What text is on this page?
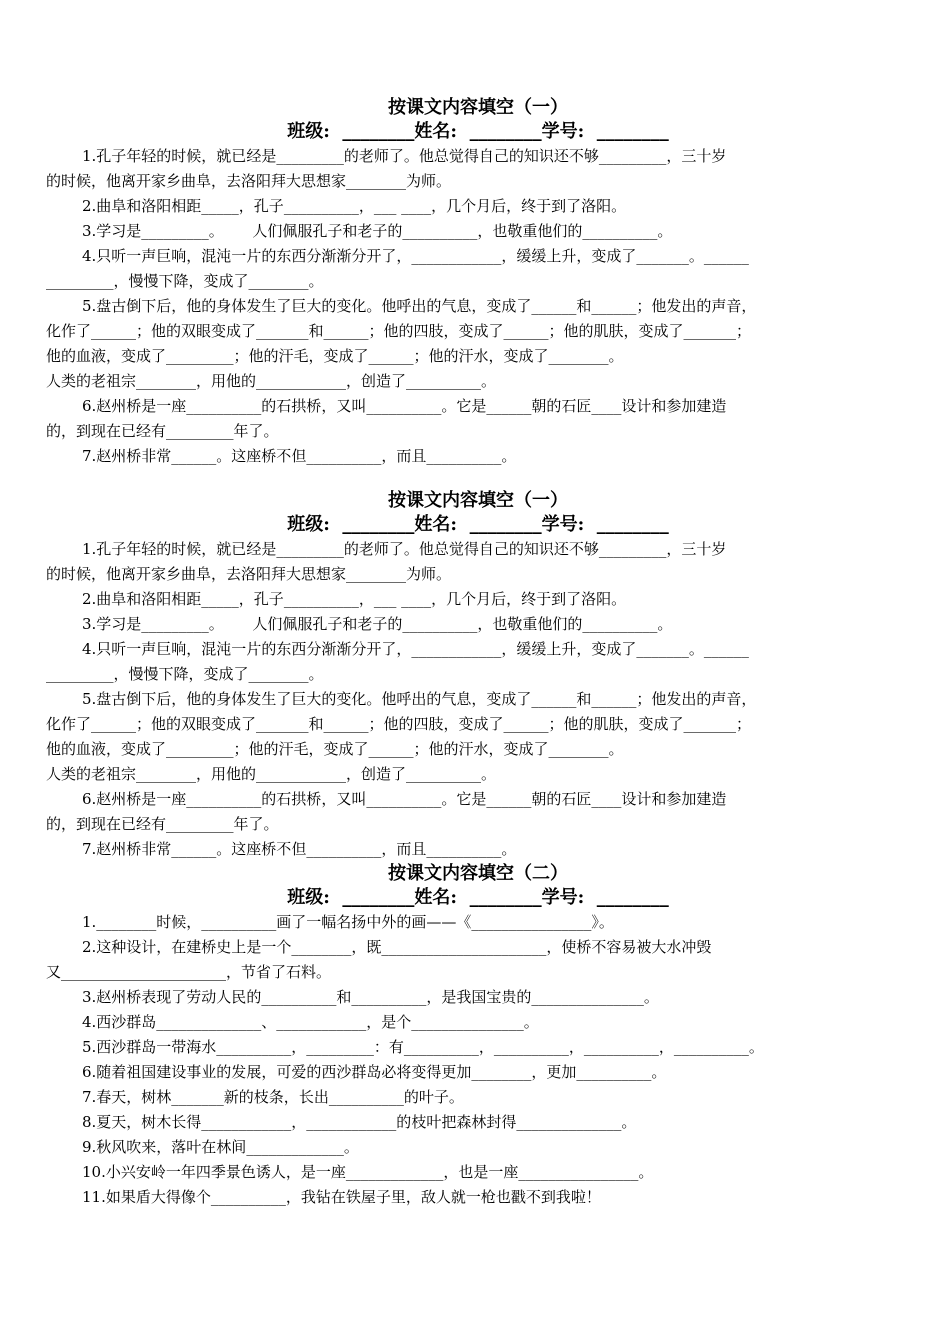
按课文内容填空（一）
班级:  ________姓名:  ________学号:  ________
1.孔子年轻的时候，就已经是_________的老师了。他总觉得自己的知识还不够_________，三十岁
的时候，他离开家乡曲阜，去洛阳拜大思想家________为师。
2.曲阜和洛阳相距_____，孔子__________，___ ____，几个月后，终于到了洛阳。
3.学习是_________。      人们佩服孔子和老子的__________，也敬重他们的__________。
4.只听一声巨响，混沌一片的东西分渐渐分开了，____________，缓缓上升，变成了_______。______
_________，慢慢下降，变成了________。
5.盘古倒下后，他的身体发生了巨大的变化。他呼出的气息，变成了______和______；他发出的声音，
化作了______；他的双眼变成了_______和______；他的四肢，变成了______；他的肌肤，变成了_______；
他的血液，变成了_________；他的汗毛，变成了______；他的汗水，变成了________。
人类的老祖宗________，用他的____________，创造了__________。
6.赵州桥是一座__________的石拱桥，又叫__________。它是______朝的石匠____设计和参加建造
的，到现在已经有_________年了。
7.赵州桥非常______。这座桥不但__________，而且__________。
按课文内容填空（一）
班级:  ________姓名:  ________学号:  ________
1.孔子年轻的时候，就已经是_________的老师了。他总觉得自己的知识还不够_________，三十岁
的时候，他离开家乡曲阜，去洛阳拜大思想家________为师。
2.曲阜和洛阳相距_____，孔子__________，___ ____，几个月后，终于到了洛阳。
3.学习是_________。      人们佩服孔子和老子的__________，也敬重他们的__________。
4.只听一声巨响，混沌一片的东西分渐渐分开了，____________，缓缓上升，变成了_______。______
_________，慢慢下降，变成了________。
5.盘古倒下后，他的身体发生了巨大的变化。他呼出的气息，变成了______和______；他发出的声音，
化作了______；他的双眼变成了_______和______；他的四肢，变成了______；他的肌肤，变成了_______；
他的血液，变成了_________；他的汗毛，变成了______；他的汗水，变成了________。
人类的老祖宗________，用他的____________，创造了__________。
6.赵州桥是一座__________的石拱桥，又叫__________。它是______朝的石匠____设计和参加建造
的，到现在已经有_________年了。
7.赵州桥非常______。这座桥不但__________，而且__________。
按课文内容填空（二）
班级:  ________姓名:  ________学号:  ________
1.________时候，__________画了一幅名扬中外的画——《________________》。
2.这种设计，在建桥史上是一个________，既______________________，使桥不容易被大水冲毁
又______________________，节省了石料。
3.赵州桥表现了劳动人民的__________和__________，是我国宝贵的_______________。
4.西沙群岛______________、____________，是个_______________。
5.西沙群岛一带海水__________，_________：有__________，__________，__________，__________。
6.随着祖国建设事业的发展，可爱的西沙群岛必将变得更加________，更加__________。
7.春天，树林_______新的枝条，长出__________的叶子。
8.夏天，树木长得____________，____________的枝叶把森林封得______________。
9.秋风吹来，落叶在林间_____________。
10.小兴安岭一年四季景色诱人，是一座_____________，也是一座________________。
11.如果盾大得像个__________，我钻在铁屋子里，敌人就一枪也戳不到我啦！
